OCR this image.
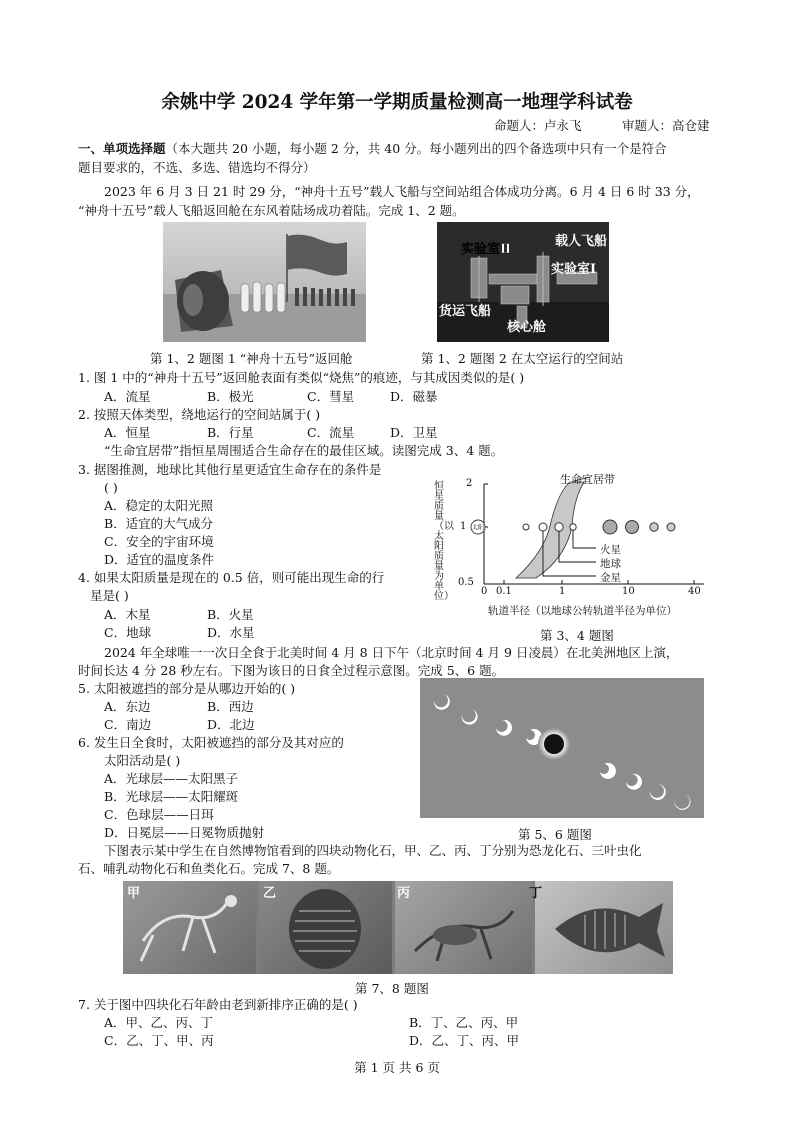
余姚中学 2024 学年第一学期质量检测高一地理学科试卷
命题人：卢永飞	审题人：高仓建
一、单项选择题（本大题共 20 小题，每小题 2 分，共 40 分。每小题列出的四个备选项中只有一个是符合
题目要求的，不选、多选、错选均不得分）
2023 年 6 月 3 日 21 时 29 分，“神舟十五号”载人飞船与空间站组合体成功分离。6 月 4 日 6 时 33 分，
“神舟十五号”载人飞船返回舱在东风着陆场成功着陆。完成 1、2 题。
实验室Ⅱ
载人飞船
实验室Ⅰ
核心舱
货运飞船
第 1、2 题图 1 “神舟十五号”返回舱	第 1、2 题图 2 在太空运行的空间站
1. 图 1 中的“神舟十五号”返回舱表面有类似“烧焦”的痕迹，与其成因类似的是( )
A．流星	B．极光	C．彗星	D．磁暴
2. 按照天体类型，绕地运行的空间站属于( )
A．恒星	B．行星	C．流星	D．卫星
“生命宜居带”指恒星周围适合生命存在的最佳区域。读图完成 3、4 题。
3. 据图推测，地球比其他行星更适宜生命存在的条件是
( )
A．稳定的太阳光照
B．适宜的大气成分
C．安全的宇宙环境
D．适宜的温度条件
4. 如果太阳质量是现在的 0.5 倍，则可能出现生命的行
星是( )
A．木星	B．火星
C．地球	D．水星
太阳
生命宜居带
恒星质量（以太阳质量为单位）
2
1
0.5
火星
地球
金星
0 0.1	1	10	40
轨道半径（以地球公转轨道半径为单位）
第 3、4 题图
2024 年全球唯一一次日全食于北美时间 4 月 8 日下午（北京时间 4 月 9 日凌晨）在北美洲地区上演，
时间长达 4 分 28 秒左右。下图为该日的日食全过程示意图。完成 5、6 题。
5. 太阳被遮挡的部分是从哪边开始的( )
A．东边	B．西边
C．南边	D．北边
6. 发生日全食时，太阳被遮挡的部分及其对应的
太阳活动是( )
A．光球层——太阳黑子
B．光球层——太阳耀斑
C．色球层——日珥
D．日冕层——日冕物质抛射	第 5、6 题图
下图表示某中学生在自然博物馆看到的四块动物化石，甲、乙、丙、丁分别为恐龙化石、三叶虫化
石、哺乳动物化石和鱼类化石。完成 7、8 题。
甲	乙	丙	丁
第 7、8 题图
7. 关于图中四块化石年龄由老到新排序正确的是( )
A．甲、乙、丙、丁	B．丁、乙、丙、甲
C．乙、丁、甲、丙	D．乙、丁、丙、甲
第 1 页 共 6 页
